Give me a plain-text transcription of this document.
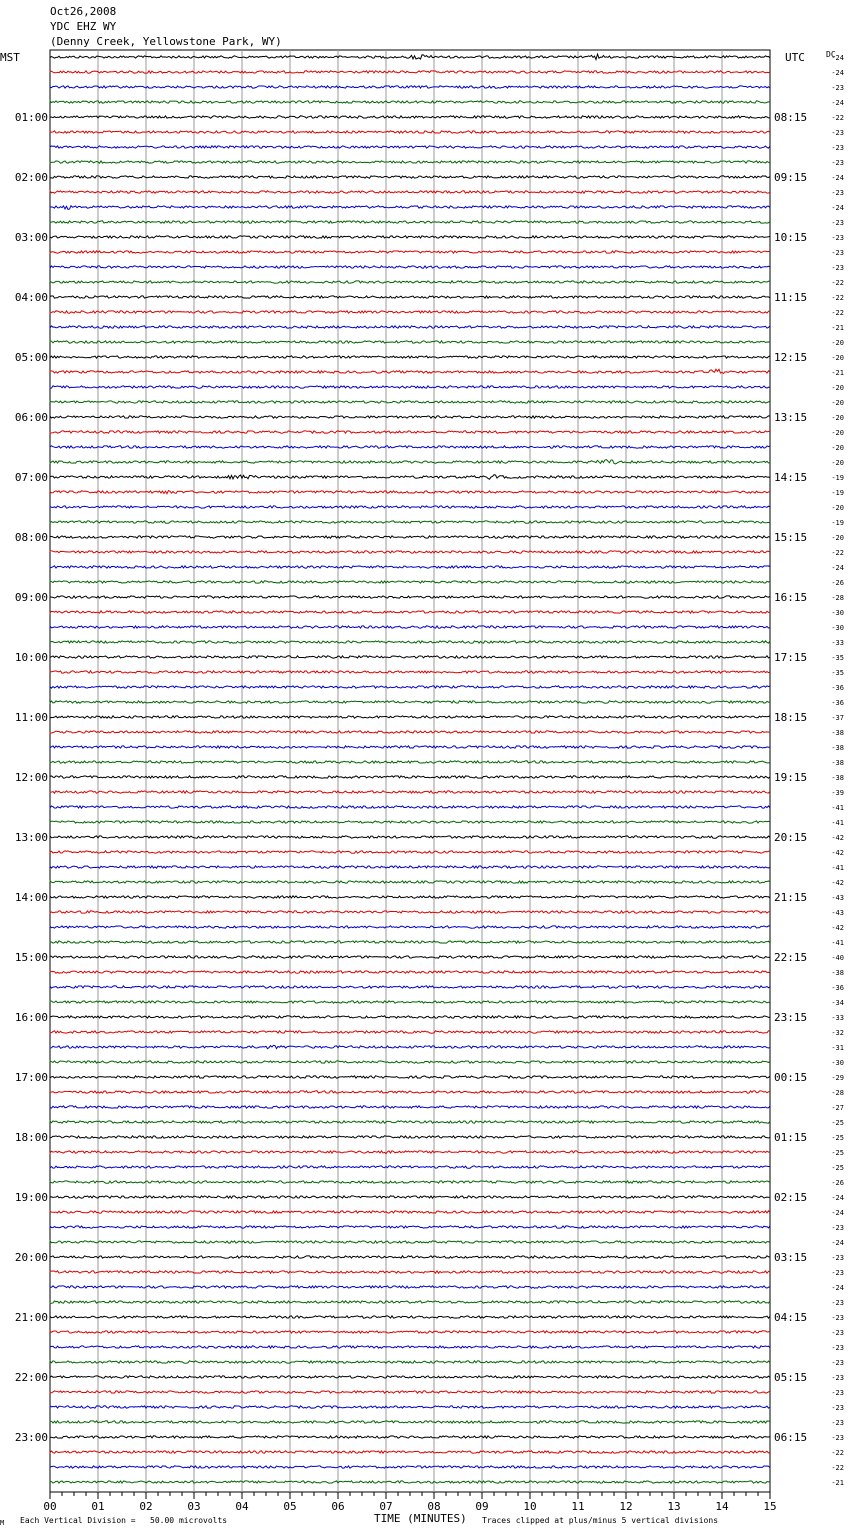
Oct26,2008
YDC EHZ WY
(Denny Creek, Yellowstone Park, WY)
MST	UTC	DC
00	01	02	03	04	05	06	07	08	09	10	11	12	13	14	15
-24
-24
-23
-24
-22
-23
-23
-23
-24
-23
-24
-23
-23
-23
-23
-22
-22
-22
-21
-20
-20
-21
-20
-20
-20
-20
-20
-20
-19
-19
-20
-19
-20
-22
-24
-26
-28
-30
-30
-33
-35
-35
-36
-36
-37
-38
-38
-38
-38
-39
-41
-41
-42
-42
-41
-42
-43
-43
-42
-41
-40
-38
-36
-34
-33
-32
-31
-30
-29
-28
-27
-25
-25
-25
-25
-26
-24
-24
-23
-24
-23
-23
-24
-23
-23
-23
-23
-23
-23
-23
-23
-23
-23
-22
-22
-21
01:00
02:00
03:00
04:00
05:00
06:00
07:00
08:00
09:00
10:00
11:00
12:00
13:00
14:00
15:00
16:00
17:00
18:00
19:00
20:00
21:00
22:00
23:00
08:15
09:15
10:15
11:15
12:15
13:15
14:15
15:15
16:15
17:15
18:15
19:15
20:15
21:15
22:15
23:15
00:15
01:15
02:15
03:15
04:15
05:15
06:15
M Each Vertical Division =   50.00 microvolts	TIME (MINUTES) Traces clipped at plus/minus 5 vertical divisions
